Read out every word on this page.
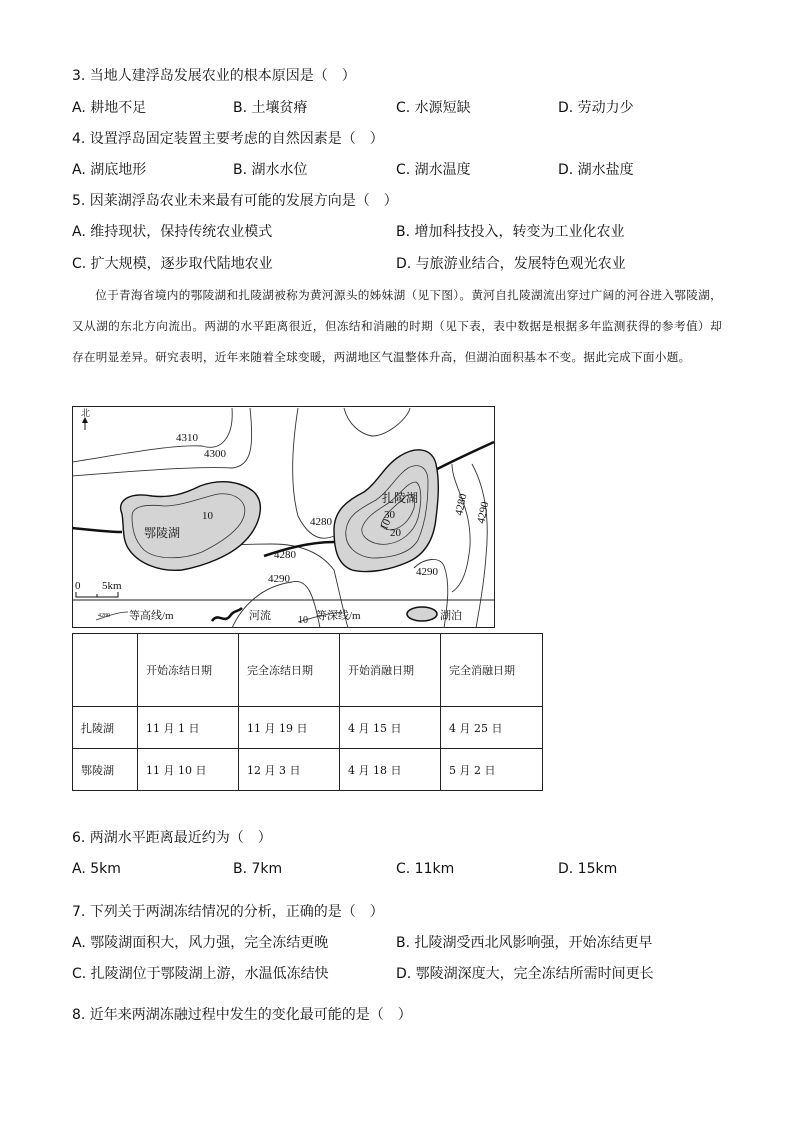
3. 当地人建浮岛发展农业的根本原因是（　）
A. 耕地不足	B. 土壤贫瘠	C. 水源短缺	D. 劳动力少
4. 设置浮岛固定装置主要考虑的自然因素是（　）
A. 湖底地形	B. 湖水水位	C. 湖水温度	D. 湖水盐度
5. 因莱湖浮岛农业未来最有可能的发展方向是（　）
A. 维持现状，保持传统农业模式	B. 增加科技投入，转变为工业化农业
C. 扩大规模，逐步取代陆地农业	D. 与旅游业结合，发展特色观光农业

位于青海省境内的鄂陵湖和扎陵湖被称为黄河源头的姊妹湖（见下图）。黄河自扎陵湖流出穿过广阔的河谷进入鄂陵湖，又从湖的东北方向流出。两湖的水平距离很近，但冻结和消融的时期（见下表，表中数据是根据多年监测获得的参考值）却存在明显差异。研究表明，近年来随着全球变暖，两湖地区气温整体升高，但湖泊面积基本不变。据此完成下面小题。

北
鄂陵湖
扎陵湖
4310
4300
4280
4280
4290
4290
4280 4290
10
10
30
20
0 5km
4280 等高线/m	河流	10 等深线/m	湖泊
	开始冻结日期	完全冻结日期	开始消融日期	完全消融日期
扎陵湖	11 月 1 日	11 月 19 日	4 月 15 日	4 月 25 日
鄂陵湖	11 月 10 日	12 月 3 日	4 月 18 日	5 月 2 日
6. 两湖水平距离最近约为（　）
A. 5km	B. 7km	C. 11km	D. 15km
7. 下列关于两湖冻结情况的分析，正确的是（　）
A. 鄂陵湖面积大，风力强，完全冻结更晚	B. 扎陵湖受西北风影响强，开始冻结更早
C. 扎陵湖位于鄂陵湖上游，水温低冻结快	D. 鄂陵湖深度大，完全冻结所需时间更长
8. 近年来两湖冻融过程中发生的变化最可能的是（　）
